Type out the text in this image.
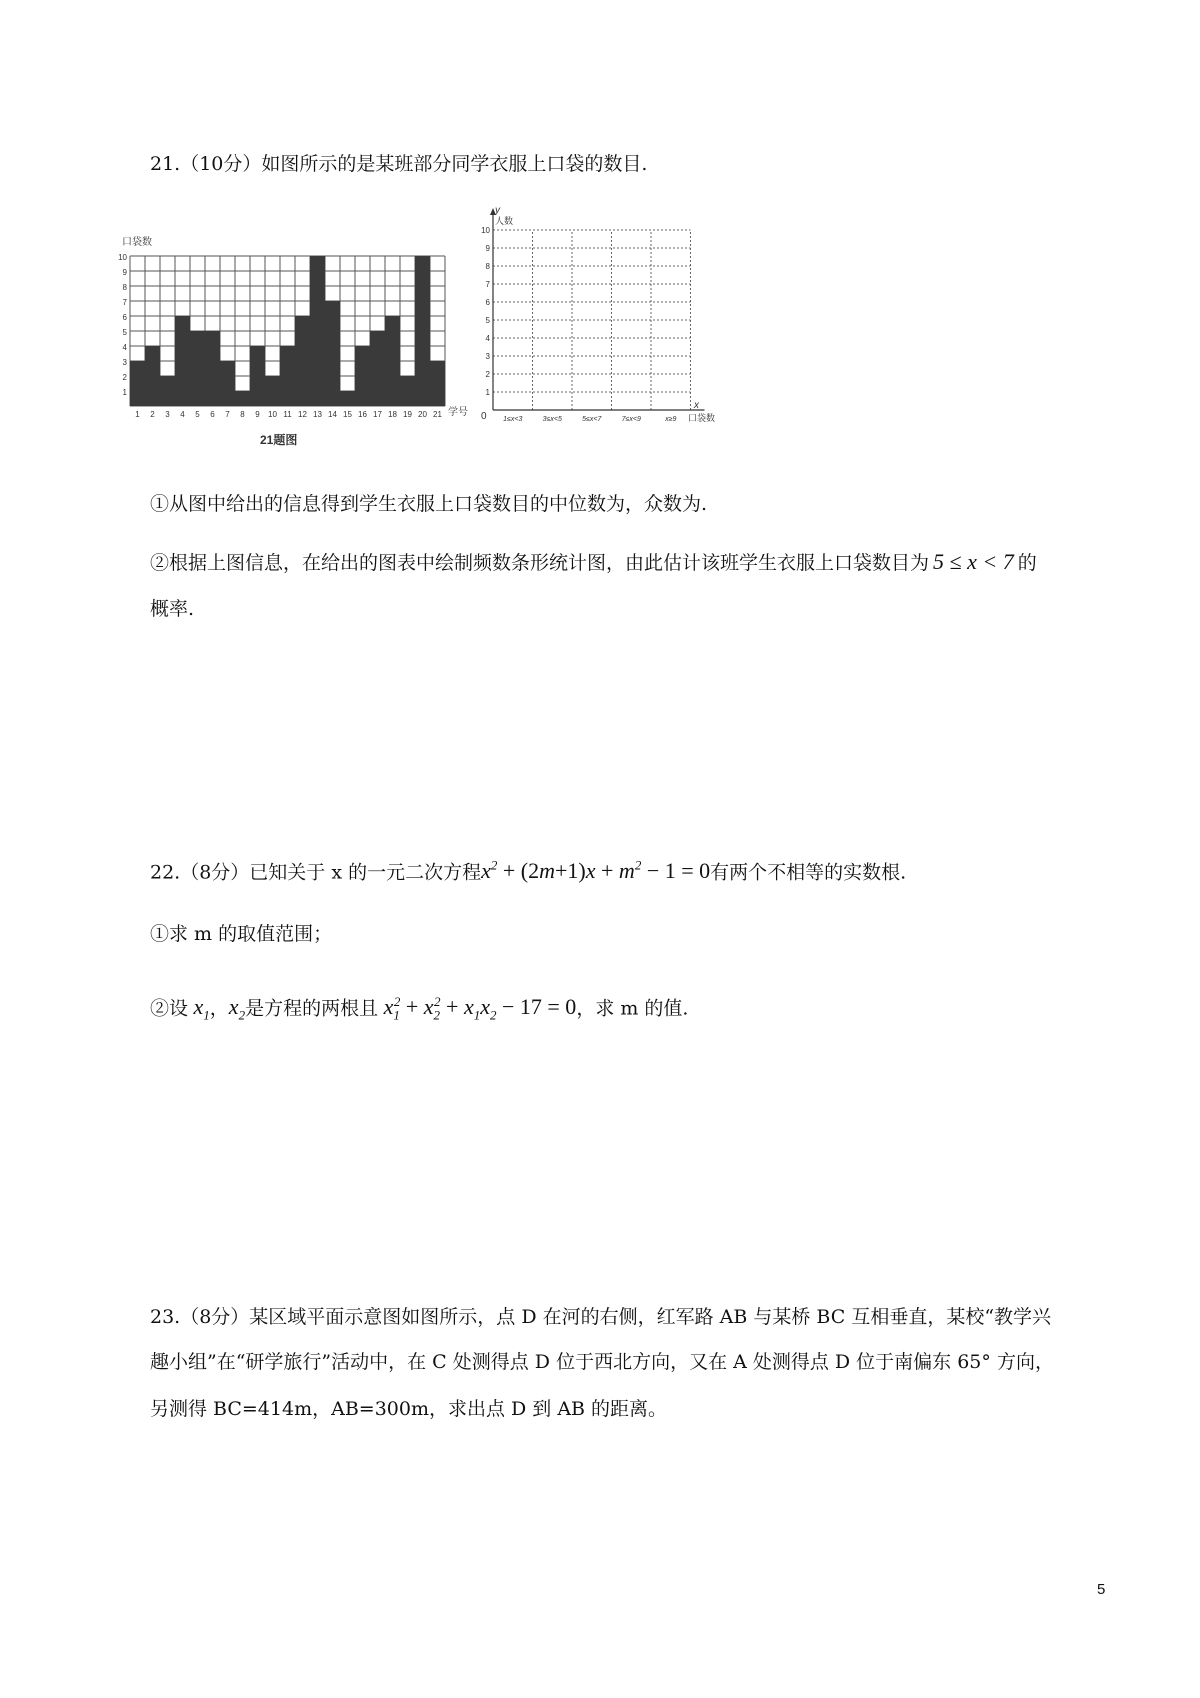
21.（10分）如图所示的是某班部分同学衣服上口袋的数目.
1
2
3
4
5
6
7
8
9
10
1 2 3 4 5 6 7 8 9 10 11 12 13 14 15 16 17 18 19 20 21
口袋数
学号
21题图
1
2
3
4
5
6
7
8
9
10
1≤x<3	3≤x<5	5≤x<7	7≤x<9	x≥9
y
人数
0
x
口袋数
①从图中给出的信息得到学生衣服上口袋数目的中位数为，众数为.
②根据上图信息，在给出的图表中绘制频数条形统计图，由此估计该班学生衣服上口袋数目为 5 ≤ x < 7 的
概率.
22.（8分）已知关于 x 的一元二次方程$x^2 + (2m+1)x + m^2 - 1 = 0$有两个不相等的实数根.
①求 m 的取值范围；
②设 $x_1$，$x_2$是方程的两根且 $x_1^2 + x_2^2 + x_1x_2 - 17 = 0$，求 m 的值.
23.（8分）某区域平面示意图如图所示，点 D 在河的右侧，红军路 AB 与某桥 BC 互相垂直，某校“教学兴
趣小组”在“研学旅行”活动中，在 C 处测得点 D 位于西北方向，又在 A 处测得点 D 位于南偏东 65° 方向，
另测得 BC=414m，AB=300m，求出点 D 到 AB 的距离。
5
